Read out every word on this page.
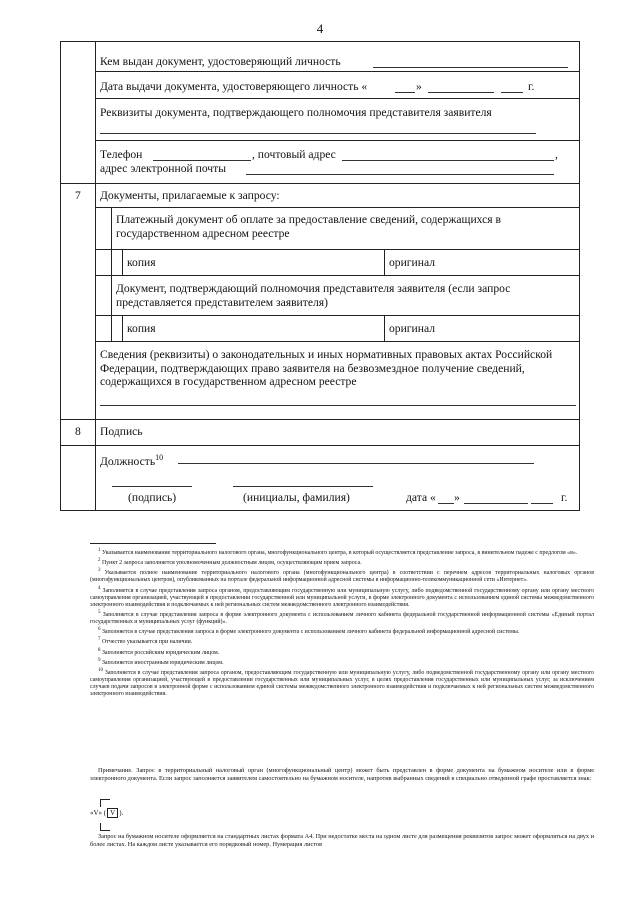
4
Кем выдан документ, удостоверяющий личность
Дата выдачи документа, удостоверяющего личность «	»	г.
Реквизиты документа, подтверждающего полномочия представителя заявителя
Телефон	, почтовый адрес	,
адрес электронной почты
7 Документы, прилагаемые к запросу:
Платежный документ об оплате за предоставление сведений, содержащихся в государственном адресном реестре
копия	оригинал
Документ, подтверждающий полномочия представителя заявителя (если запрос представляется представителем заявителя)
копия	оригинал
Сведения (реквизиты) о законодательных и иных нормативных правовых актах Российской Федерации, подтверждающих право заявителя на безвозмездное получение сведений, содержащихся в государственном адресном реестре
8 Подпись
Должность$^{10}$
(подпись)	(инициалы, фамилия)	дата « »	г.

$^1$ Указывается наименование территориального налогового органа, многофункционального центра, в который осуществляется представление запроса, в винительном падеже с предлогом «в».

$^2$ Пункт 2 запроса заполняется уполномоченным должностным лицом, осуществляющим прием запроса.

$^3$ Указывается полное наименование территориального налогового органа (многофункционального центра) в соответствии с перечнем адресов территориальных налоговых органов (многофункциональных центров), опубликованных на портале федеральной информационной адресной системы в информационно-телекоммуникационной сети «Интернет».

$^4$ Заполняется в случае представления запроса органом, предоставляющим государственную или муниципальную услугу, либо подведомственной государственному органу или органу местного самоуправления организацией, участвующей в предоставлении государственной или муниципальной услуги, в форме электронного документа с использованием единой системы межведомственного электронного взаимодействия и подключаемых к ней региональных систем межведомственного электронного взаимодействия.

$^5$ Заполняется в случае представления запроса в форме электронного документа с использованием личного кабинета федеральной государственной информационной системы «Единый портал государственных и муниципальных услуг (функций)».

$^6$ Заполняется в случае представления запроса в форме электронного документа с использованием личного кабинета федеральной информационной адресной системы.

$^7$ Отчество указывается при наличии.

$^8$ Заполняется российским юридическим лицом.

$^9$ Заполняется иностранным юридическим лицом.

$^{10}$ Заполняется в случае представления запроса органом, предоставляющим государственную или муниципальную услугу, либо подведомственной государственному органу или органу местного самоуправления организацией, участвующей в предоставлении государственных или муниципальных услуг, в целях предоставления государственных или муниципальных услуг, за исключением случаев подачи запросов в электронной форме с использованием единой системы межведомственного электронного взаимодействия и подключаемых к ней региональных систем межведомственного электронного взаимодействия.

Примечание. Запрос в территориальный налоговый орган (многофункциональный центр) может быть представлен в форме документа на бумажном носителе или в форме электронного документа. Если запрос заполняется заявителем самостоятельно на бумажном носителе, напротив выбранных сведений в специально отведенной графе проставляется знак:

«V» ( V ).

Запрос на бумажном носителе оформляется на стандартных листах формата А4. При недостатке места на одном листе для размещения реквизитов запрос может оформляться на двух и более листах. На каждом листе указывается его порядковый номер. Нумерация листов
